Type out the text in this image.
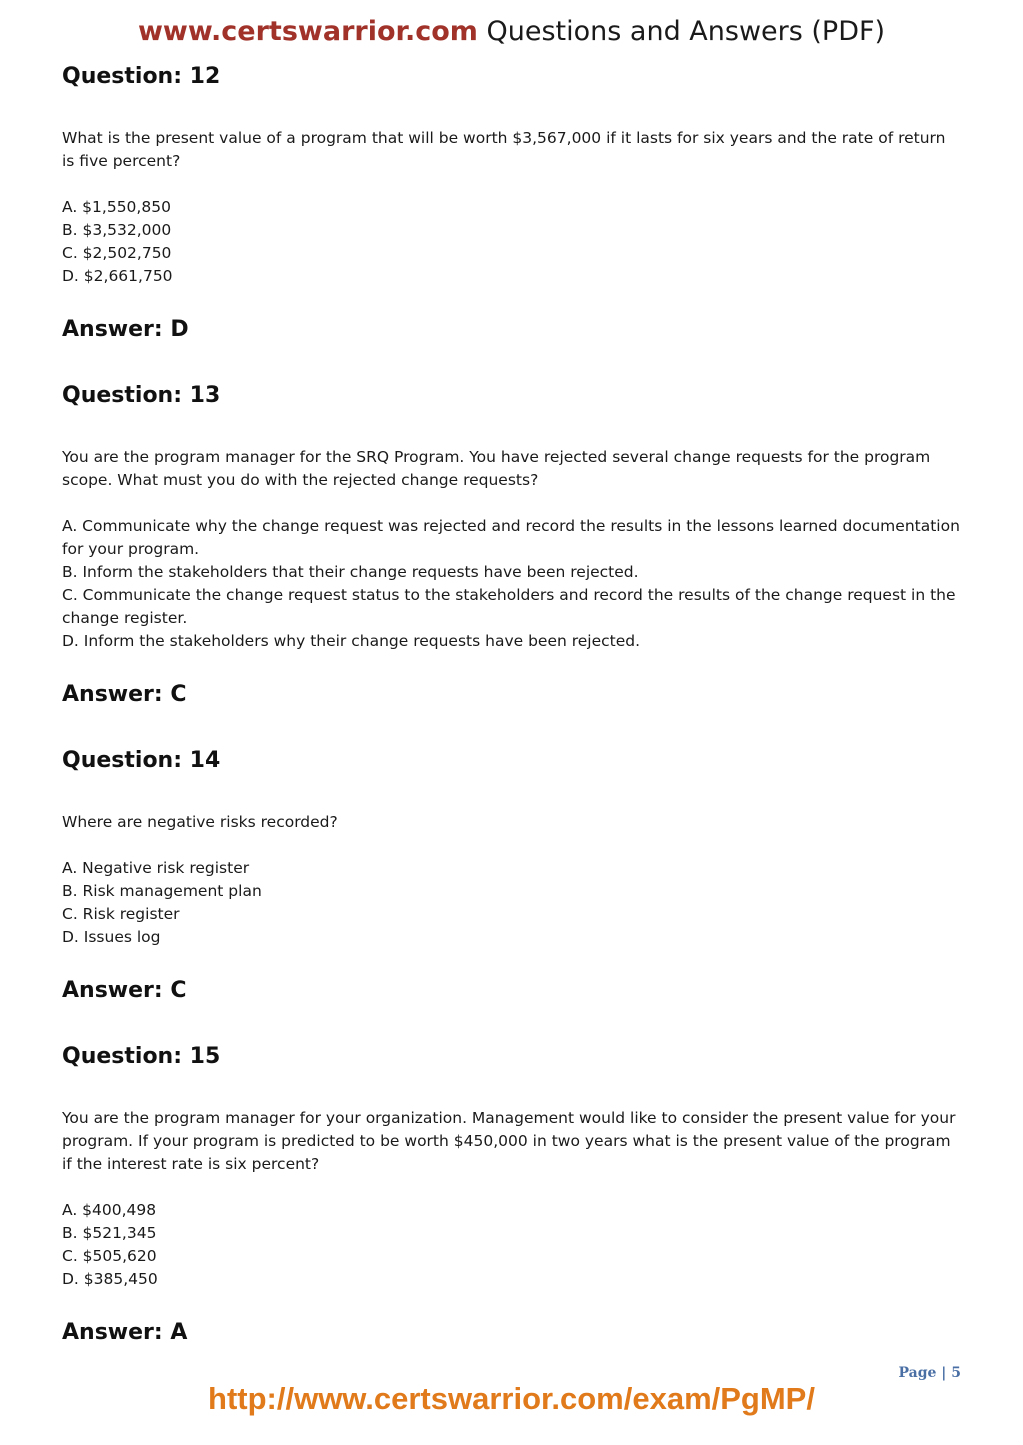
www.certswarrior.com Questions and Answers (PDF)

Question: 12

What is the present value of a program that will be worth $3,567,000 if it lasts for six years and the rate of return is five percent?

A. $1,550,850

B. $3,532,000

C. $2,502,750

D. $2,661,750

Answer: D

Question: 13

You are the program manager for the SRQ Program. You have rejected several change requests for the program scope. What must you do with the rejected change requests?

A. Communicate why the change request was rejected and record the results in the lessons learned documentation for your program.

B. Inform the stakeholders that their change requests have been rejected.

C. Communicate the change request status to the stakeholders and record the results of the change request in the change register.

D. Inform the stakeholders why their change requests have been rejected.

Answer: C

Question: 14

Where are negative risks recorded?

A. Negative risk register

B. Risk management plan

C. Risk register

D. Issues log

Answer: C

Question: 15

You are the program manager for your organization. Management would like to consider the present value for your program. If your program is predicted to be worth $450,000 in two years what is the present value of the program if the interest rate is six percent?

A. $400,498

B. $521,345

C. $505,620

D. $385,450

Answer: A

Page | 5
http://www.certswarrior.com/exam/PgMP/
